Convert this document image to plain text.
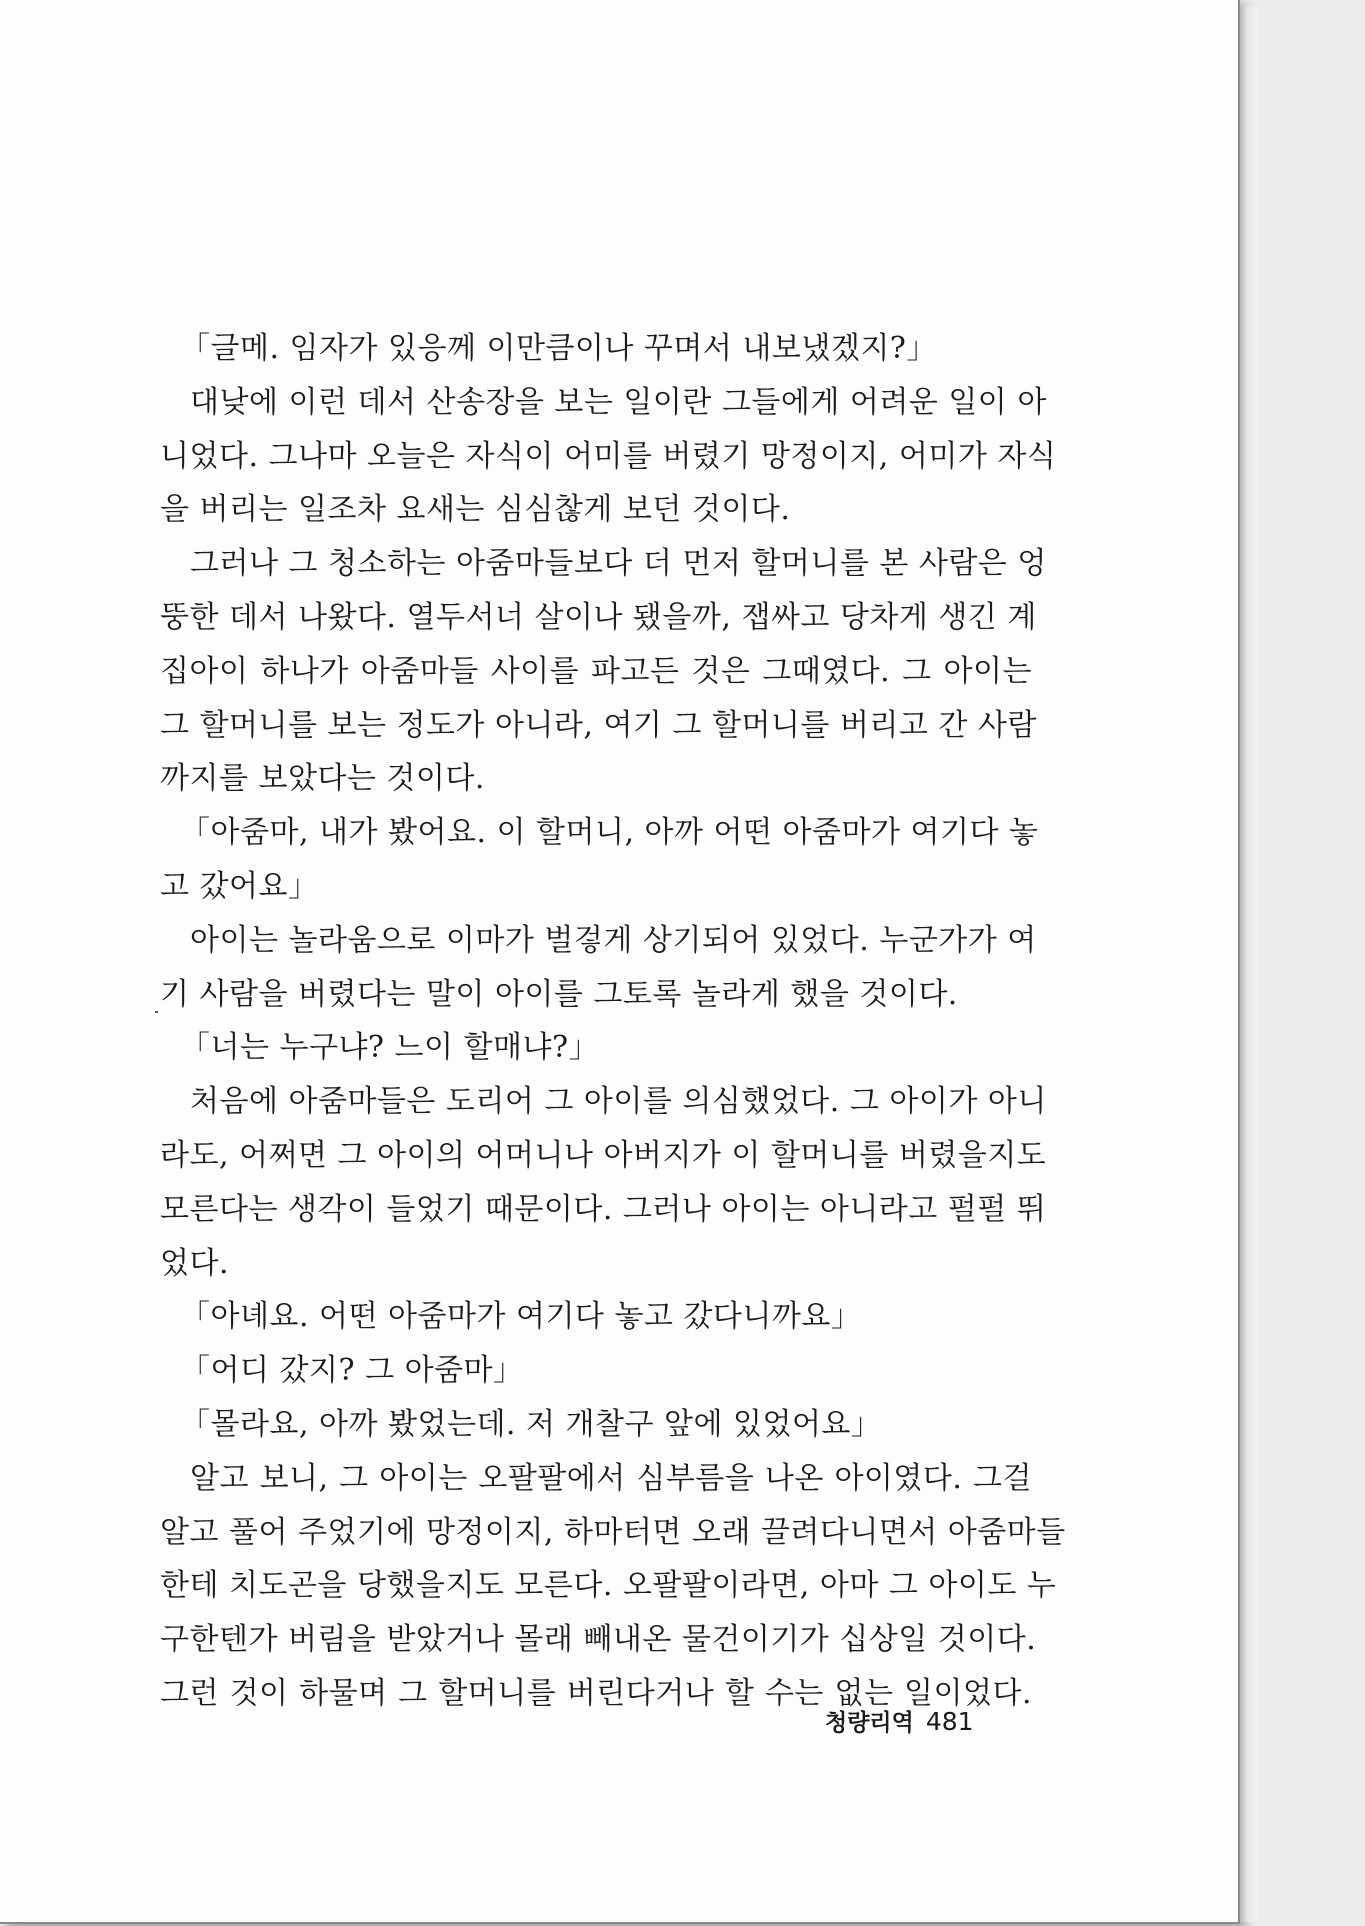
「글메. 임자가 있응께 이만큼이나 꾸며서 내보냈겠지?」
대낮에 이런 데서 산송장을 보는 일이란 그들에게 어려운 일이 아
니었다. 그나마 오늘은 자식이 어미를 버렸기 망정이지, 어미가 자식
을 버리는 일조차 요새는 심심찮게 보던 것이다.
그러나 그 청소하는 아줌마들보다 더 먼저 할머니를 본 사람은 엉
뚱한 데서 나왔다. 열두서너 살이나 됐을까, 잽싸고 당차게 생긴 계
집아이 하나가 아줌마들 사이를 파고든 것은 그때였다. 그 아이는
그 할머니를 보는 정도가 아니라, 여기 그 할머니를 버리고 간 사람
까지를 보았다는 것이다.
「아줌마, 내가 봤어요. 이 할머니, 아까 어떤 아줌마가 여기다 놓
고 갔어요」
아이는 놀라움으로 이마가 벌겋게 상기되어 있었다. 누군가가 여
기 사람을 버렸다는 말이 아이를 그토록 놀라게 했을 것이다.
「너는 누구냐? 느이 할매냐?」
처음에 아줌마들은 도리어 그 아이를 의심했었다. 그 아이가 아니
라도, 어쩌면 그 아이의 어머니나 아버지가 이 할머니를 버렸을지도
모른다는 생각이 들었기 때문이다. 그러나 아이는 아니라고 펄펄 뛰
었다.
「아녜요. 어떤 아줌마가 여기다 놓고 갔다니까요」
「어디 갔지? 그 아줌마」
「몰라요, 아까 봤었는데. 저 개찰구 앞에 있었어요」
알고 보니, 그 아이는 오팔팔에서 심부름을 나온 아이였다. 그걸
알고 풀어 주었기에 망정이지, 하마터면 오래 끌려다니면서 아줌마들
한테 치도곤을 당했을지도 모른다. 오팔팔이라면, 아마 그 아이도 누
구한텐가 버림을 받았거나 몰래 빼내온 물건이기가 십상일 것이다.
그런 것이 하물며 그 할머니를 버린다거나 할 수는 없는 일이었다.
청량리역 481
